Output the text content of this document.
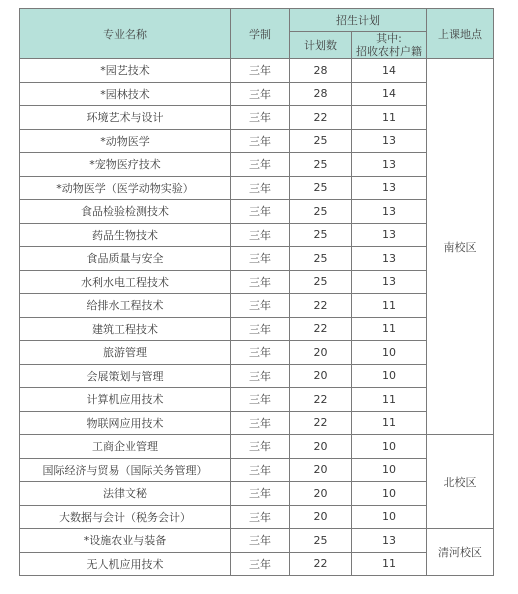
专业名称	学制	招生计划		上课地点
		计划数	其中:
招收农村户籍	
*园艺技术	三年	28	14	南校区
*园林技术	三年	28	14	
环境艺术与设计	三年	22	11	
*动物医学	三年	25	13	
*宠物医疗技术	三年	25	13	
*动物医学（医学动物实验）	三年	25	13	
食品检验检测技术	三年	25	13	
药品生物技术	三年	25	13	
食品质量与安全	三年	25	13	
水利水电工程技术	三年	25	13	
给排水工程技术	三年	22	11	
建筑工程技术	三年	22	11	
旅游管理	三年	20	10	
会展策划与管理	三年	20	10	
计算机应用技术	三年	22	11	
物联网应用技术	三年	22	11	
工商企业管理	三年	20	10	北校区
国际经济与贸易（国际关务管理）	三年	20	10	
法律文秘	三年	20	10	
大数据与会计（税务会计）	三年	20	10	
*设施农业与装备	三年	25	13	清河校区
无人机应用技术	三年	22	11	
